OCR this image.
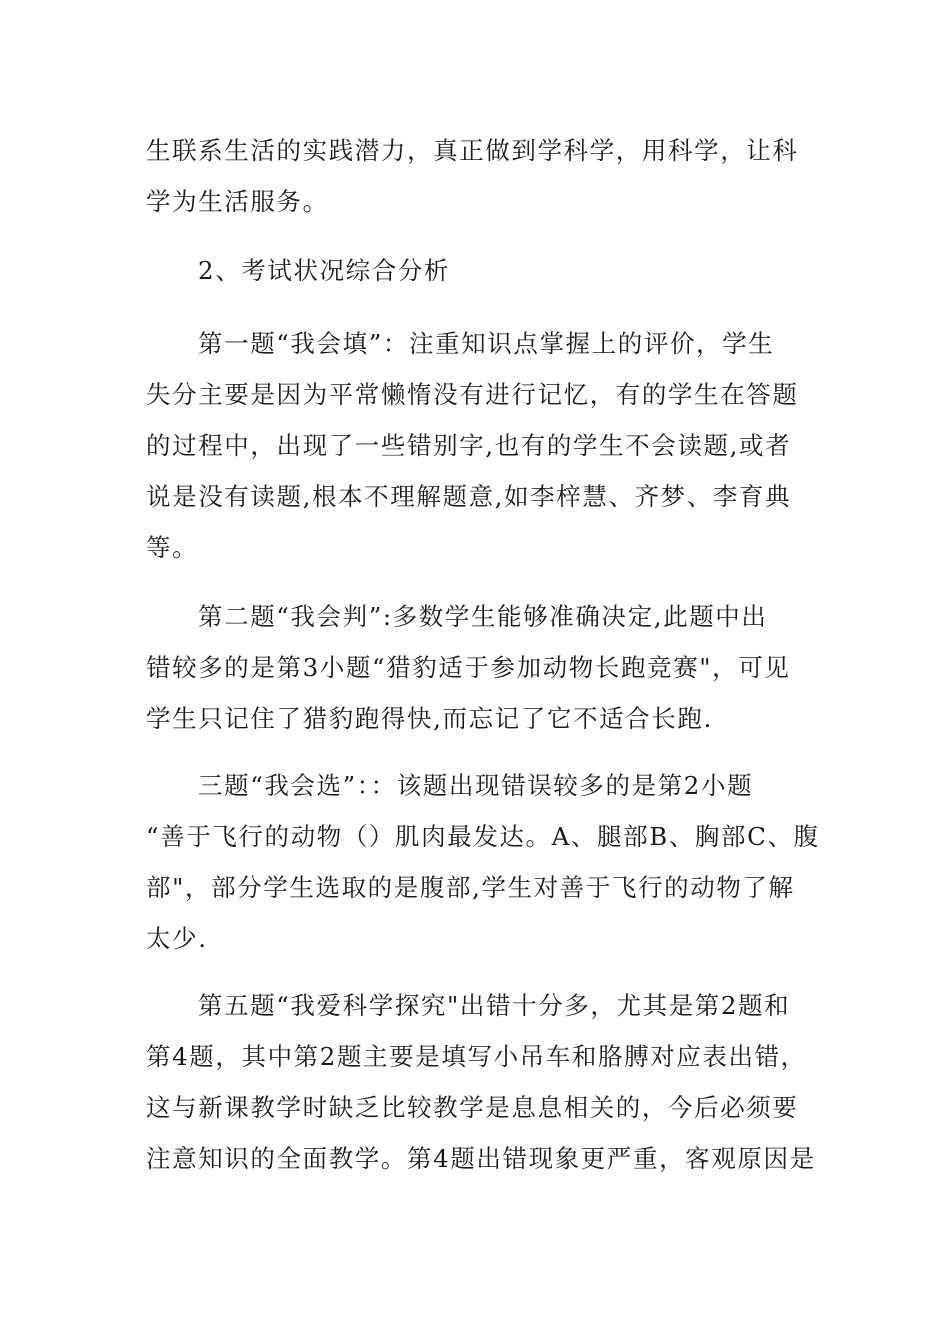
生联系生活的实践潜力，真正做到学科学，用科学，让科
学为生活服务。

2、考试状况综合分析

第一题“我会填”：注重知识点掌握上的评价，学生
失分主要是因为平常懒惰没有进行记忆，有的学生在答题
的过程中，出现了一些错别字,也有的学生不会读题,或者
说是没有读题,根本不理解题意,如李梓慧、齐梦、李育典
等。

第二题“我会判”:多数学生能够准确决定,此题中出
错较多的是第3小题“猎豹适于参加动物长跑竞赛"，可见
学生只记住了猎豹跑得快,而忘记了它不适合长跑.

三题“我会选”：：该题出现错误较多的是第2小题
“善于飞行的动物（）肌肉最发达。A、腿部B、胸部C、腹
部"，部分学生选取的是腹部,学生对善于飞行的动物了解
太少.

第五题“我爱科学探究"出错十分多，尤其是第2题和
第4题，其中第2题主要是填写小吊车和胳膊对应表出错，
这与新课教学时缺乏比较教学是息息相关的，今后必须要
注意知识的全面教学。第4题出错现象更严重，客观原因是
